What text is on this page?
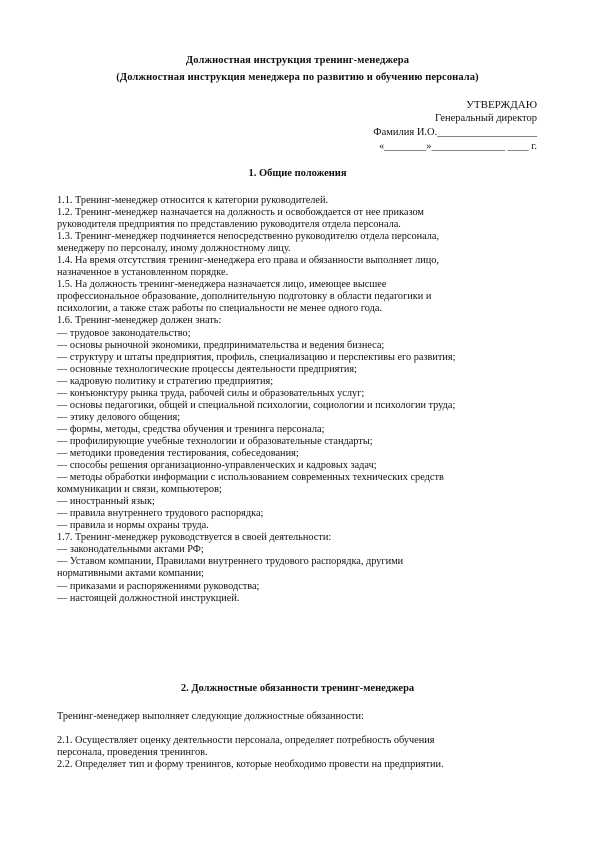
Должностная инструкция тренинг-менеджера
(Должностная инструкция менеджера по развитию и обучению персонала)
УТВЕРЖДАЮ
Генеральный директор
Фамилия И.О.___________________
«________»______________ ____ г.
1. Общие положения
1.1. Тренинг-менеджер относится к категории руководителей.
1.2. Тренинг-менеджер назначается на должность и освобождается от нее приказом
руководителя предприятия по представлению руководителя отдела персонала.
1.3. Тренинг-менеджер подчиняется непосредственно руководителю отдела персонала,
менеджеру по персоналу, иному должностному лицу.
1.4. На время отсутствия тренинг-менеджера его права и обязанности выполняет лицо,
назначенное в установленном порядке.
1.5. На должность тренинг-менеджера назначается лицо, имеющее высшее
профессиональное образование, дополнительную подготовку в области педагогики и
психологии, а также стаж работы по специальности не менее одного года.
1.6. Тренинг-менеджер должен знать:
— трудовое законодательство;
— основы рыночной экономики, предпринимательства и ведения бизнеса;
— структуру и штаты предприятия, профиль, специализацию и перспективы его развития;
— основные технологические процессы деятельности предприятия;
— кадровую политику и стратегию предприятия;
— конъюнктуру рынка труда, рабочей силы и образовательных услуг;
— основы педагогики, общей и специальной психологии, социологии и психологии труда;
— этику делового общения;
— формы, методы, средства обучения и тренинга персонала;
— профилирующие учебные технологии и образовательные стандарты;
— методики проведения тестирования, собеседования;
— способы решения организационно-управленческих и кадровых задач;
— методы обработки информации с использованием современных технических средств
коммуникации и связи, компьютеров;
— иностранный язык;
— правила внутреннего трудового распорядка;
— правила и нормы охраны труда.
1.7. Тренинг-менеджер руководствуется в своей деятельности:
— законодательными актами РФ;
— Уставом компании, Правилами внутреннего трудового распорядка, другими
нормативными актами компании;
— приказами и распоряжениями руководства;
— настоящей должностной инструкцией.
2. Должностные обязанности тренинг-менеджера
Тренинг-менеджер выполняет следующие должностные обязанности:
2.1. Осуществляет оценку деятельности персонала, определяет потребность обучения
персонала, проведения тренингов.
2.2. Определяет тип и форму тренингов, которые необходимо провести на предприятии.
